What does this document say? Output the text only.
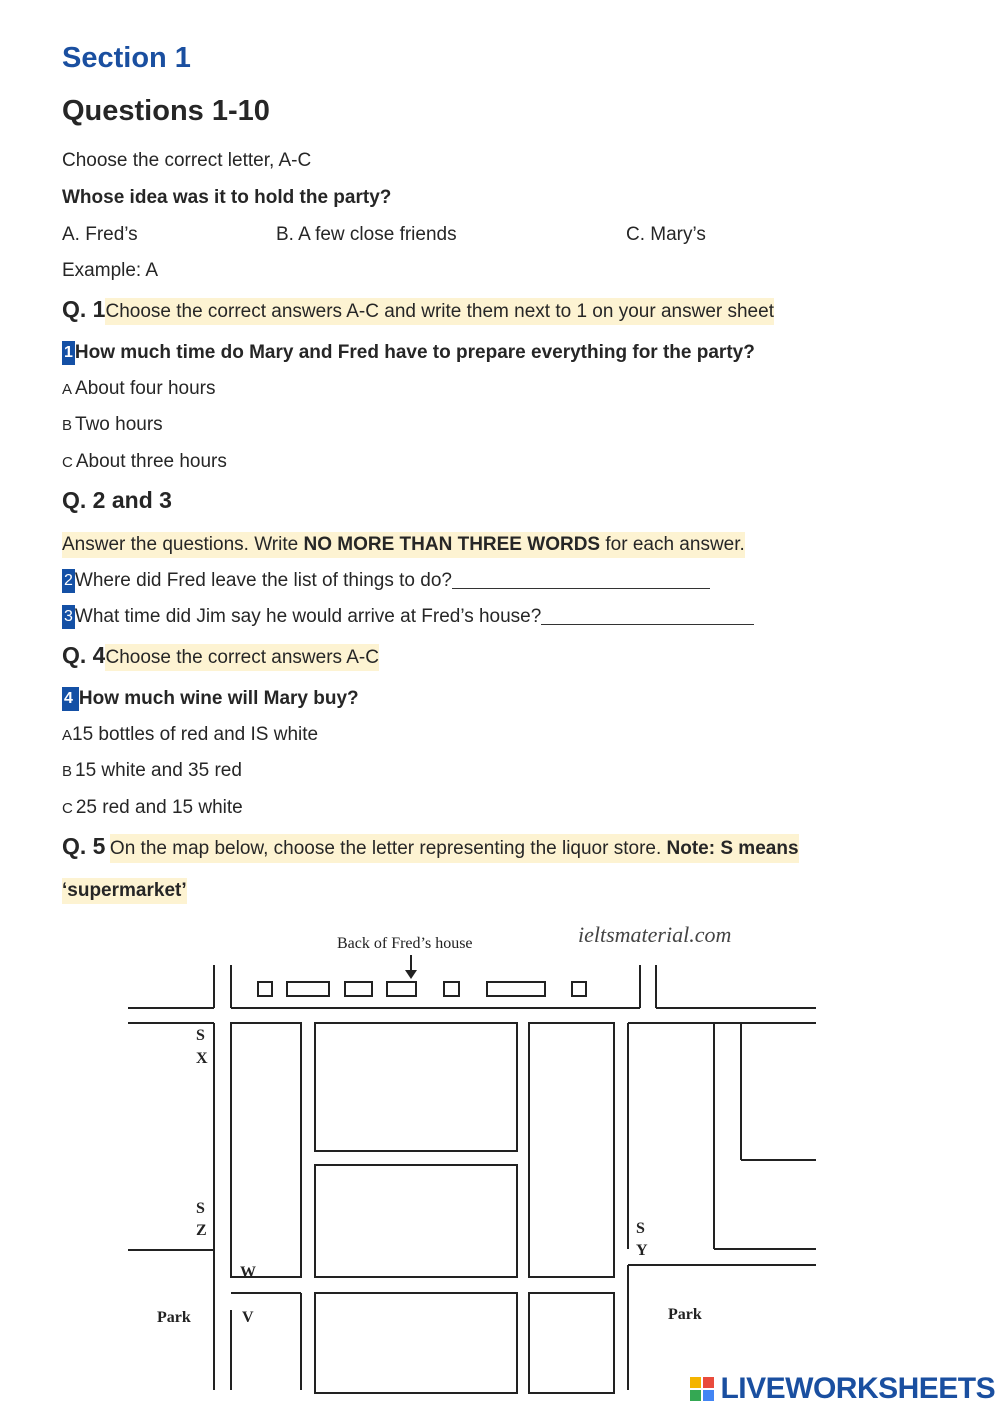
Section 1
Questions 1-10
Choose the correct letter, A-C
Whose idea was it to hold the party?
A. Fred’s	B. A few close friends	C. Mary’s
Example: A
Q. 1Choose the correct answers A-C and write them next to 1 on your answer sheet
1 How much time do Mary and Fred have to prepare everything for the party?
A About four hours
B Two hours
C About three hours
Q. 2 and 3
Answer the questions. Write NO MORE THAN THREE WORDS for each answer.
2 Where did Fred leave the list of things to do?
3 What time did Jim say he would arrive at Fred’s house?
Q. 4Choose the correct answers A-C
4 How much wine will Mary buy?
A15 bottles of red and IS white
B 15 white and 35 red
C 25 red and 15 white
Q. 5 On the map below, choose the letter representing the liquor store. Note: S means
‘supermarket’
Back of Fred’s house	ieltsmaterial.com
S
X
S
Z	S
Y
W
V
Park	Park
LIVEWORKSHEETS
